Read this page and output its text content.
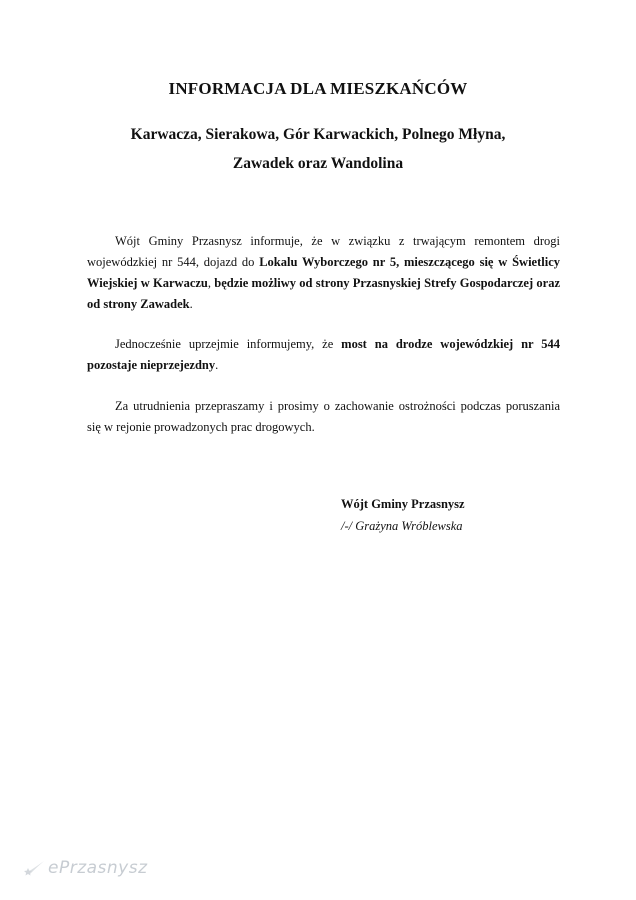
INFORMACJA DLA MIESZKAŃCÓW
Karwacza, Sierakowa, Gór Karwackich, Polnego Młyna,
Zawadek oraz Wandolina

Wójt Gminy Przasnysz informuje, że w związku z trwającym remontem drogi wojewódzkiej nr 544, dojazd do Lokalu Wyborczego nr 5, mieszczącego się w Świetlicy Wiejskiej w Karwaczu, będzie możliwy od strony Przasnyskiej Strefy Gospodarczej oraz od strony Zawadek.

Jednocześnie uprzejmie informujemy, że most na drodze wojewódzkiej nr 544 pozostaje nieprzejezdny.

Za utrudnienia przepraszamy i prosimy o zachowanie ostrożności podczas poruszania się w rejonie prowadzonych prac drogowych.

Wójt Gminy Przasnysz
/-/ Grażyna Wróblewska
ePrzasnysz
